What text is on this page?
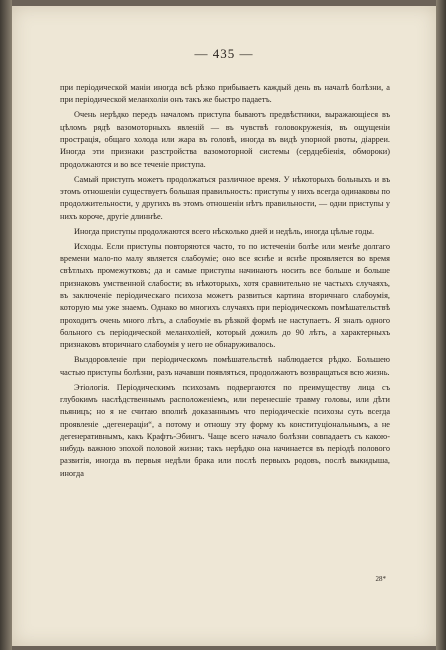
— 435 —

при періодической маніи иногда всѣ рѣзко прибываетъ каждый день въ началѣ болѣзни, а при періодической меланхоліи онъ такъ же быстро падаетъ.

Очень нерѣдко передъ началомъ приступа бываютъ предвѣстники, выражающіеся въ цѣломъ рядѣ вазомоторныхъ явленій — въ чувствѣ головокруженія, въ ощущеніи прострація, общаго холода или жара въ головѣ, иногда въ видѣ упорной рвоты, діарреи. Иногда эти признаки разстройства вазомоторной системы (сердцебіенія, обмороки) продолжаются и во все теченіе приступа.

Самый приступъ можетъ продолжаться различное время. У нѣкоторыхъ больныхъ и въ этомъ отношеніи существуетъ большая правильность: приступы у нихъ всегда одинаковы по продолжительности, у другихъ въ этомъ отношеніи нѣтъ правильности, — одни приступы у нихъ короче, другіе длиннѣе.

Иногда приступы продолжаются всего нѣсколько дней и недѣль, иногда цѣлые годы.

Исходы. Если приступы повторяются часто, то по истеченіи болѣе или менѣе долгаго времени мало-по малу является слабоумie; оно все яснѣе и яснѣе проявляется во время свѣтлыхъ промежутковъ; да и самые приступы начинаютъ носить все больше и больше признаковъ умственной слабости; въ нѣкоторыхъ, хотя сравнительно не частыхъ случаяхъ, въ заключеніе періодическаго психоза можетъ развиться картина вторичнаго слабоумія, которую мы уже знаемъ. Однако во многихъ случаяхъ при періодическомъ помѣшательствѣ проходитъ очень много лѣтъ, а слабоумie въ рѣзкой формѣ не наступаетъ. Я зналъ одного больного съ періодической меланхоліей, который дожилъ до 90 лѣтъ, а характерныхъ признаковъ вторичнаго слабоумія у него не обнаруживалось.

Выздоровленіе при періодическомъ помѣшательствѣ наблюдается рѣдко. Большею частью приступы болѣзни, разъ начавши появляться, продолжаютъ возвращаться всю жизнь.

Этіологія. Періодическимъ психозамъ подвергаются по преимуществу лица съ глубокимъ наслѣдственнымъ расположеніемъ, или перенесшіе травму головы, или дѣти пьяницъ; но я не считаю вполнѣ доказаннымъ что періодическіе психозы суть всегда проявленіе „дегенераціи“, а потому и отношу эту форму къ конституціональнымъ, а не дегенеративнымъ, какъ Крафтъ-Эбингъ. Чаще всего начало болѣзни совпадаетъ съ какою-нибудь важною эпохой половой жизни; такъ нерѣдко она начинается въ періодѣ полового развитія, иногда въ первыя недѣли брака или послѣ первыхъ родовъ, послѣ выкидыша, иногда

28*
